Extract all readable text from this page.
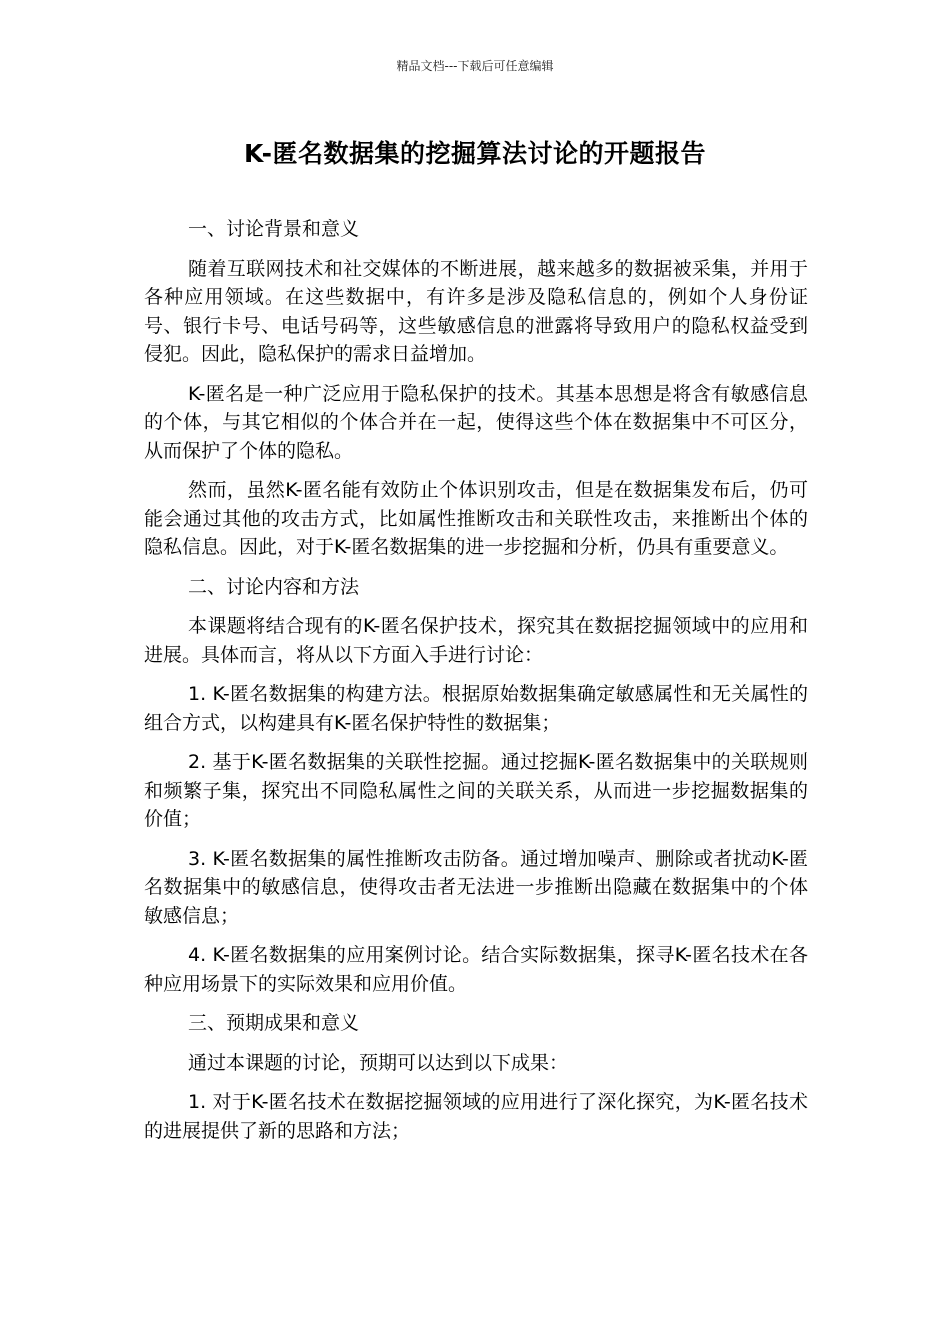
精品文档---下载后可任意编辑
K-匿名数据集的挖掘算法讨论的开题报告

一、讨论背景和意义

随着互联网技术和社交媒体的不断进展，越来越多的数据被采集，并用于各种应用领域。在这些数据中，有许多是涉及隐私信息的，例如个人身份证号、银行卡号、电话号码等，这些敏感信息的泄露将导致用户的隐私权益受到侵犯。因此，隐私保护的需求日益增加。

K-匿名是一种广泛应用于隐私保护的技术。其基本思想是将含有敏感信息的个体，与其它相似的个体合并在一起，使得这些个体在数据集中不可区分，从而保护了个体的隐私。

然而，虽然K-匿名能有效防止个体识别攻击，但是在数据集发布后，仍可能会通过其他的攻击方式，比如属性推断攻击和关联性攻击，来推断出个体的隐私信息。因此，对于K-匿名数据集的进一步挖掘和分析，仍具有重要意义。

二、讨论内容和方法

本课题将结合现有的K-匿名保护技术，探究其在数据挖掘领域中的应用和进展。具体而言，将从以下方面入手进行讨论：

1. K-匿名数据集的构建方法。根据原始数据集确定敏感属性和无关属性的组合方式，以构建具有K-匿名保护特性的数据集；

2. 基于K-匿名数据集的关联性挖掘。通过挖掘K-匿名数据集中的关联规则和频繁子集，探究出不同隐私属性之间的关联关系，从而进一步挖掘数据集的价值；

3. K-匿名数据集的属性推断攻击防备。通过增加噪声、删除或者扰动K-匿名数据集中的敏感信息，使得攻击者无法进一步推断出隐藏在数据集中的个体敏感信息；

4. K-匿名数据集的应用案例讨论。结合实际数据集，探寻K-匿名技术在各种应用场景下的实际效果和应用价值。

三、预期成果和意义

通过本课题的讨论，预期可以达到以下成果：

1. 对于K-匿名技术在数据挖掘领域的应用进行了深化探究，为K-匿名技术的进展提供了新的思路和方法；
